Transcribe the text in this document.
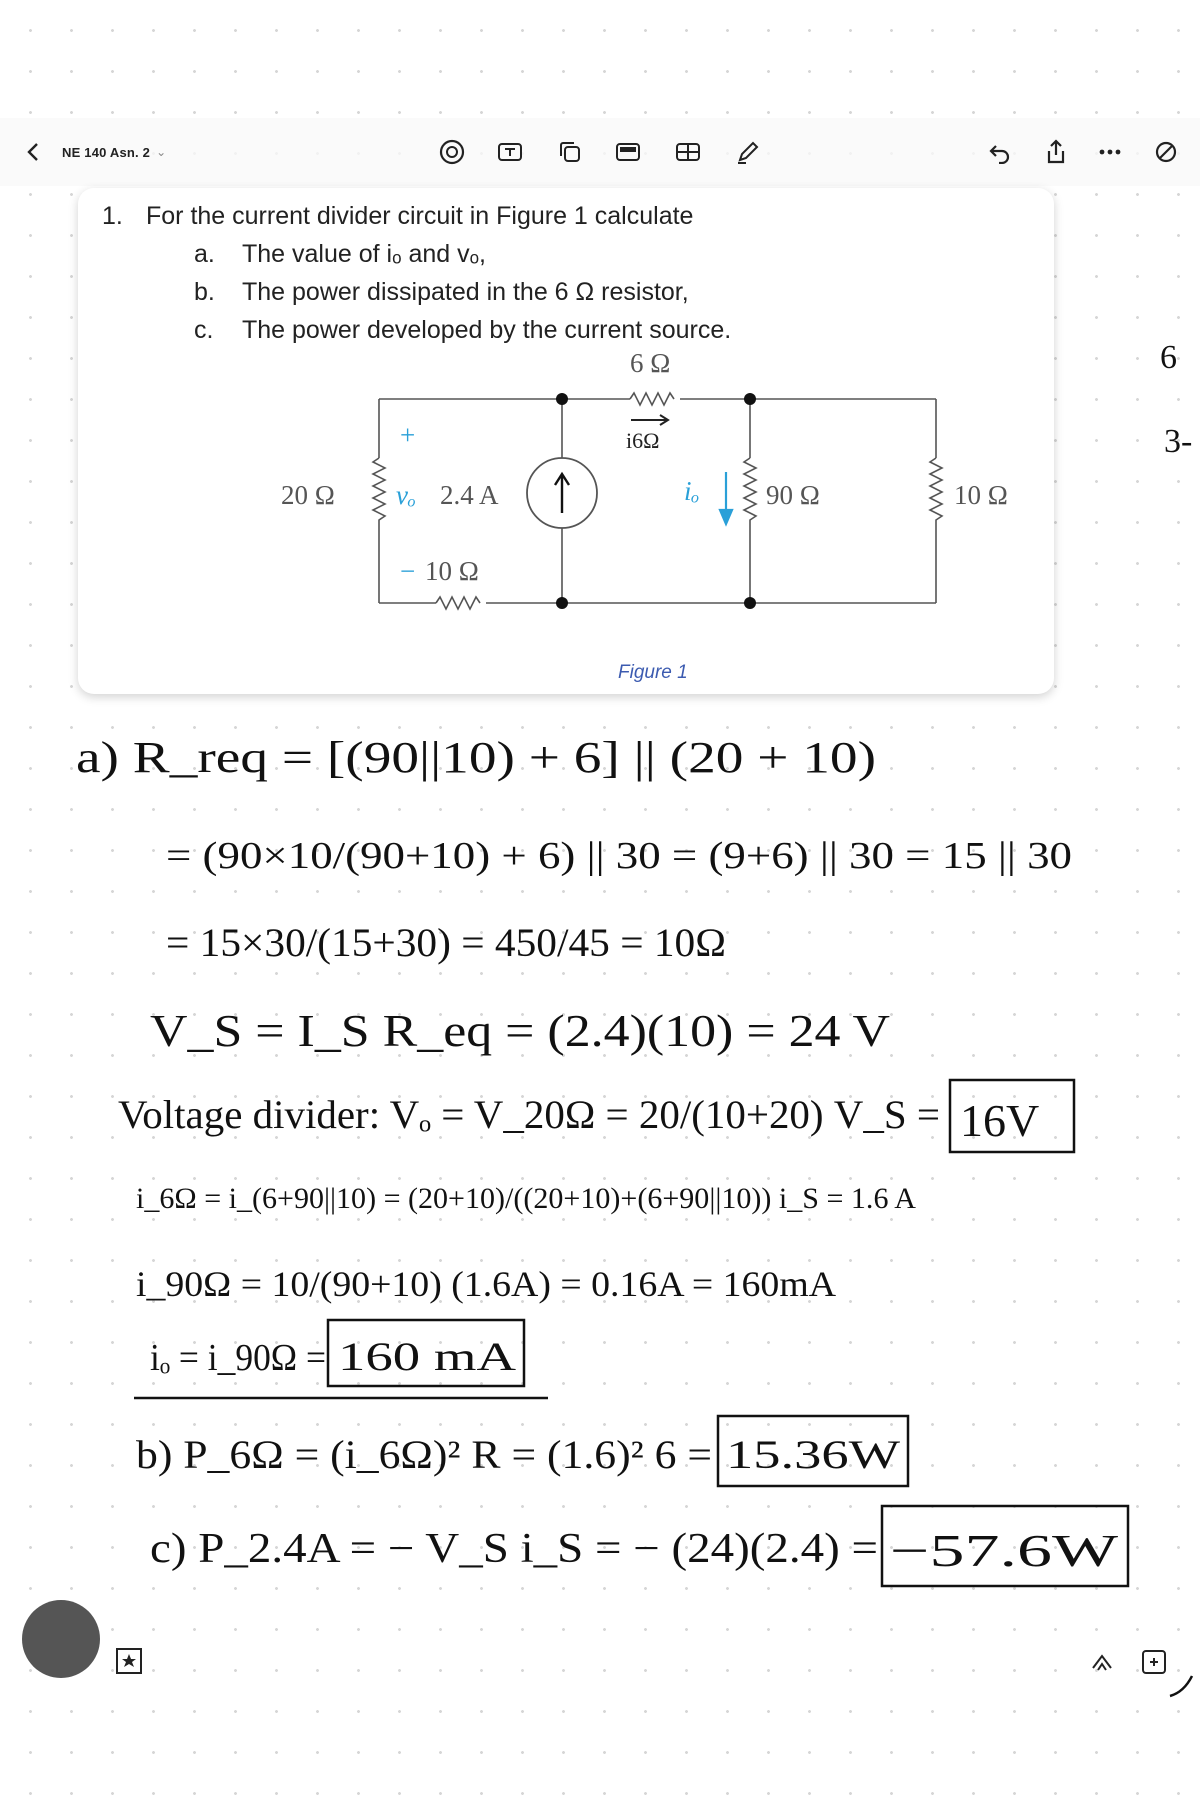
NE 140 Asn. 2 ⌄
1. For the current divider circuit in Figure 1 calculate
a. The value of iₒ and vₒ,
b. The power dissipated in the 6 Ω resistor,
c. The power developed by the current source.
6 Ω
20 Ω
10 Ω
90 Ω	10 Ω
2.4 A
vₒ	iₒ
+
−
i6Ω
Figure 1
6
3-
a) R_req = [(90||10) + 6] || (20 + 10)
= (90×10/(90+10) + 6) || 30 = (9+6) || 30 = 15 || 30
= 15×30/(15+30) = 450/45 = 10Ω
V_S = I_S R_eq = (2.4)(10) = 24 V
Voltage divider: Vₒ = V_20Ω = 20/(10+20) V_S = 16V
i_6Ω = i_(6+90||10) = (20+10)/((20+10)+(6+90||10)) i_S = 1.6 A
i_90Ω = 10/(90+10) (1.6A) = 0.16A = 160mA
iₒ = i_90Ω = 160 mA
b) P_6Ω = (i_6Ω)² R = (1.6)² 6 = 15.36W
c) P_2.4A = − V_S i_S = − (24)(2.4) = −57.6W
